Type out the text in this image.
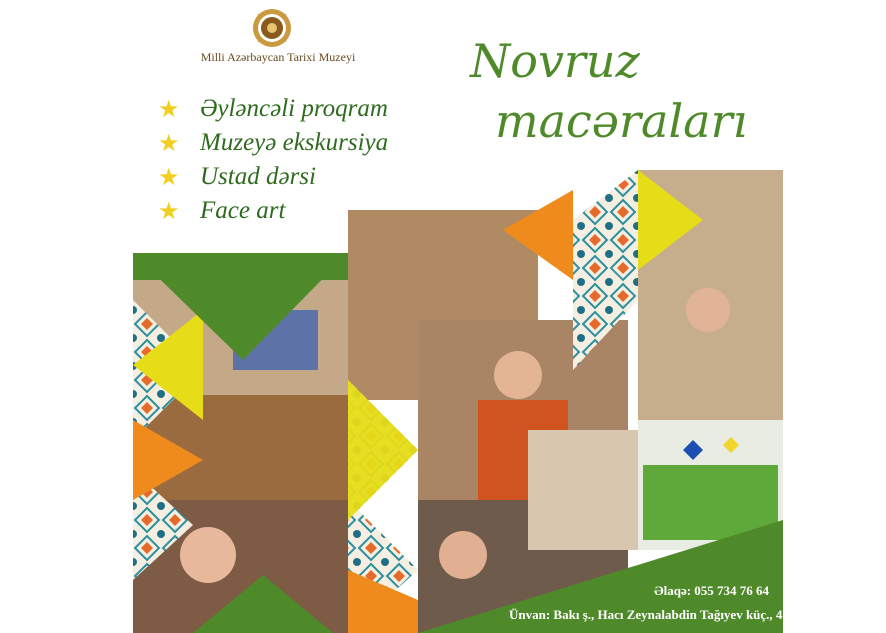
Milli Azərbaycan Tarixi Muzeyi Novruz
macəraları
★ Əyləncəli proqram
★ Muzeyə ekskursiya
★ Ustad dərsi
★ Face art
Əlaqə: 055 734 76 64
Ünvan: Bakı ş., Hacı Zeynalabdin Tağıyev küç., 4
